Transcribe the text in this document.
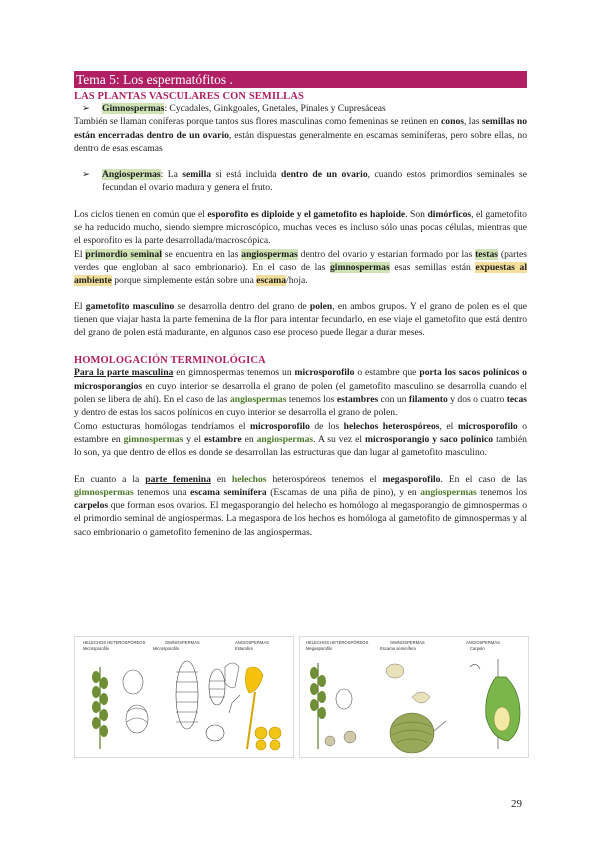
Tema 5: Los espermatófitos .
LAS PLANTAS VASCULARES CON SEMILLAS

➢	Gimnospermas: Cycadales, Ginkgoales, Gnetales, Pinales y Cupresáceas

También se llaman coníferas porque tantos sus flores masculinas como femeninas se reúnen en conos, las semillas no están encerradas dentro de un ovario, están dispuestas generalmente en escamas seminíferas, pero sobre ellas, no dentro de esas escamas

➢	Angiospermas: La semilla si está incluida dentro de un ovario, cuando estos primordios seminales se fecundan el ovario madura y genera el fruto.

Los ciclos tienen en común que el esporofito es diploide y el gametofito es haploide. Son dimórficos, el gametofito se ha reducido mucho, siendo siempre microscópico, muchas veces es incluso sólo unas pocas células, mientras que el esporofito es la parte desarrollada/macroscópica.

El primordio seminal se encuentra en las angiospermas dentro del ovario y estarían formado por las testas (partes verdes que engloban al saco embrionario). En el caso de las gimnospermas esas semillas están expuestas al ambiente porque simplemente están sobre una escama/hoja.

El gametofito masculino se desarrolla dentro del grano de polen, en ambos grupos. Y el grano de polen es el que tienen que viajar hasta la parte femenina de la flor para intentar fecundarlo, en ese viaje el gametofito que está dentro del grano de polen está madurante, en algunos caso ese proceso puede llegar a durar meses.

HOMOLOGACIÓN TERMINOLÓGICA

Para la parte masculina en gimnospermas tenemos un microsporofilo o estambre que porta los sacos polínicos o microsporangios en cuyo interior se desarrolla el grano de polen (el gametofito masculino se desarrolla cuando el polen se libera de ahí). En el caso de las angiospermas tenemos los estambres con un filamento y dos o cuatro tecas y dentro de estas los sacos polínicos en cuyo interior se desarrolla el grano de polen.

Como estucturas homólogas tendríamos el microsporofilo de los helechos heterospóreos, el microsporofilo o estambre en gimnospermas y el estambre en angiospermas. A su vez el microsporangio y saco polínico también lo son, ya que dentro de ellos es donde se desarrollan las estructuras que dan lugar al gametofito masculino.

En cuanto a la parte femenina en helechos heterospóreos tenemos el megasporofilo. En el caso de las gimnospermas tenemos una escama seminífera (Escamas de una piña de pino), y en angiospermas tenemos los carpelos que forman esos ovarios. El megasporangio del helecho es homólogo al megasporangio de gimnospermas o el primordio seminal de angiospermas. La megaspora de los hechos es homóloga al gametofito de gimnospermas y al saco embrionario o gametofito femenino de las angiospermas.

HELECHOS HETEROSPÓREOS	GIMNOSPERMAS	ANGIOSPERMAS
Microsporofilo	Microsporofilo	Estambre
HELECHOS HETEROSPÓREOS	GIMNOSPERMAS	ANGIOSPERMAS
Megasporofilo	Escama seminífera	Carpelo
29
